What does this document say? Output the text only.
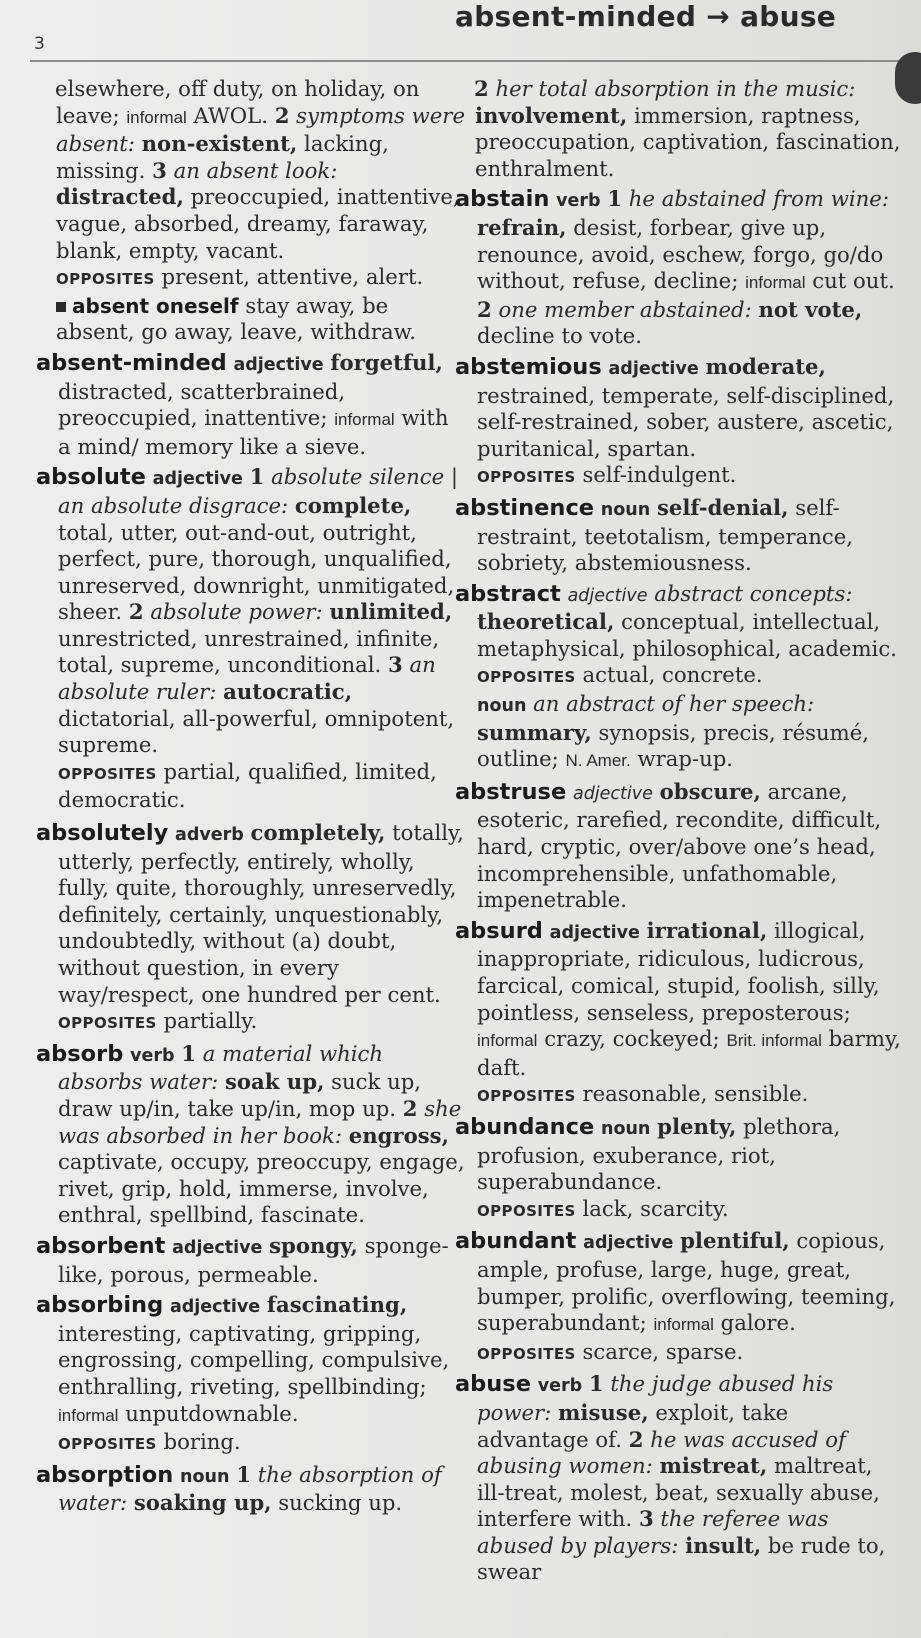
3
absent-minded → abuse

elsewhere, off duty, on holiday, on leave; informal AWOL. 2 symptoms were absent: non-existent, lacking, missing. 3 an absent look: distracted, preoccupied, inattentive, vague, absorbed, dreamy, faraway, blank, empty, vacant.
OPPOSITES present, attentive, alert.
absent oneself stay away, be absent, go away, leave, withdraw.

absent-minded adjective forgetful, distracted, scatterbrained, preoccupied, inattentive; informal with a mind/ memory like a sieve.

absolute adjective 1 absolute silence | an absolute disgrace: complete, total, utter, out-and-out, outright, perfect, pure, thorough, unqualified, unreserved, downright, unmitigated, sheer. 2 absolute power: unlimited, unrestricted, unrestrained, infinite, total, supreme, unconditional. 3 an absolute ruler: autocratic, dictatorial, all-powerful, omnipotent, supreme.
OPPOSITES partial, qualified, limited, democratic.

absolutely adverb completely, totally, utterly, perfectly, entirely, wholly, fully, quite, thoroughly, unreservedly, definitely, certainly, unquestionably, undoubtedly, without (a) doubt, without question, in every way/respect, one hundred per cent.
OPPOSITES partially.

absorb verb 1 a material which absorbs water: soak up, suck up, draw up/in, take up/in, mop up. 2 she was absorbed in her book: engross, captivate, occupy, preoccupy, engage, rivet, grip, hold, immerse, involve, enthral, spellbind, fascinate.

absorbent adjective spongy, sponge-like, porous, permeable.

absorbing adjective fascinating, interesting, captivating, gripping, engrossing, compelling, compulsive, enthralling, riveting, spellbinding; informal unputdownable.
OPPOSITES boring.

absorption noun 1 the absorption of water: soaking up, sucking up.

2 her total absorption in the music: involvement, immersion, raptness, preoccupation, captivation, fascination, enthralment.

abstain verb 1 he abstained from wine: refrain, desist, forbear, give up, renounce, avoid, eschew, forgo, go/do without, refuse, decline; informal cut out. 2 one member abstained: not vote, decline to vote.

abstemious adjective moderate, restrained, temperate, self-disciplined, self-restrained, sober, austere, ascetic, puritanical, spartan.
OPPOSITES self-indulgent.

abstinence noun self-denial, self-restraint, teetotalism, temperance, sobriety, abstemiousness.

abstract adjective abstract concepts: theoretical, conceptual, intellectual, metaphysical, philosophical, academic.
OPPOSITES actual, concrete.
noun an abstract of her speech: summary, synopsis, precis, résumé, outline; N. Amer. wrap-up.

abstruse adjective obscure, arcane, esoteric, rarefied, recondite, difficult, hard, cryptic, over/above one’s head, incomprehensible, unfathomable, impenetrable.

absurd adjective irrational, illogical, inappropriate, ridiculous, ludicrous, farcical, comical, stupid, foolish, silly, pointless, senseless, preposterous; informal crazy, cockeyed; Brit. informal barmy, daft.
OPPOSITES reasonable, sensible.

abundance noun plenty, plethora, profusion, exuberance, riot, superabundance.
OPPOSITES lack, scarcity.

abundant adjective plentiful, copious, ample, profuse, large, huge, great, bumper, prolific, overflowing, teeming, superabundant; informal galore.
OPPOSITES scarce, sparse.

abuse verb 1 the judge abused his power: misuse, exploit, take advantage of. 2 he was accused of abusing women: mistreat, maltreat, ill-treat, molest, beat, sexually abuse, interfere with. 3 the referee was abused by players: insult, be rude to, swear
